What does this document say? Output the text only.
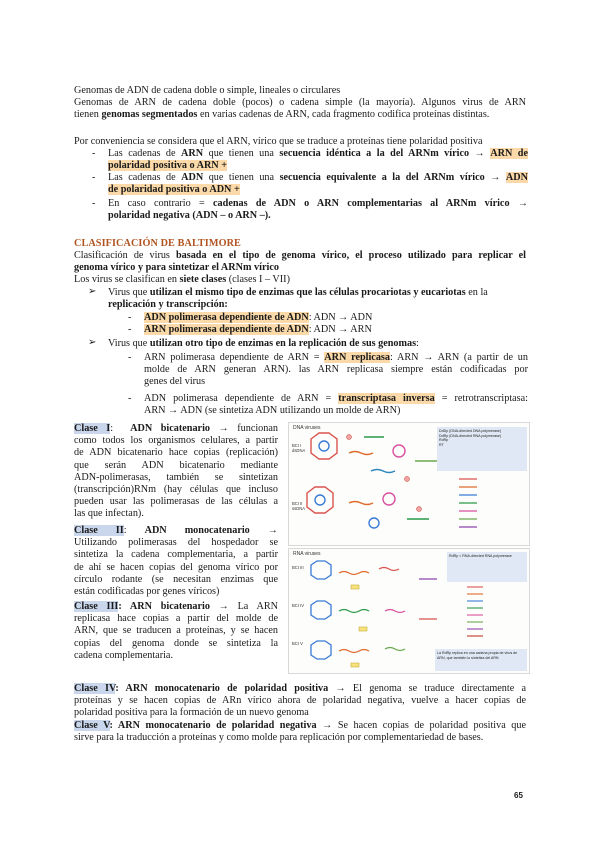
Genomas de ADN de cadena doble o simple, lineales o circulares
Genomas de ARN de cadena doble (pocos) o cadena simple (la mayoría). Algunos virus de ARN
tienen genomas segmentados en varias cadenas de ARN, cada fragmento codifica proteínas distintas.
Por conveniencia se considera que el ARN, vírico que se traduce a proteínas tiene polaridad positiva
- Las cadenas de ARN que tienen una secuencia idéntica a la del ARNm vírico → ARN de
polaridad positiva o ARN +
- Las cadenas de ADN que tienen una secuencia equivalente a la del ARNm vírico → ADN
de polaridad positiva o ADN +
- En caso contrario = cadenas de ADN o ARN complementarias al ARNm vírico →
polaridad negativa (ADN – o ARN –).
CLASIFICACIÓN DE BALTIMORE
Clasificación de virus basada en el tipo de genoma vírico, el proceso utilizado para replicar el
genoma vírico y para sintetizar el ARNm vírico
Los virus se clasifican en siete clases (clases I – VII)
➢ Virus que utilizan el mismo tipo de enzimas que las células procariotas y eucariotas en la
replicación y transcripción:
- ADN polimerasa dependiente de ADN: ADN → ADN
- ARN polimerasa dependiente de ADN: ADN → ARN
➢ Virus que utilizan otro tipo de enzimas en la replicación de sus genomas:
- ARN polimerasa dependiente de ARN = ARN replicasa: ARN → ARN (a partir de un
molde de ARN generan ARN). las ARN replicasa siempre están codificadas por
genes del virus
- ADN polimerasa dependiente de ARN = transcriptasa inversa = retrotranscriptasa:
ARN → ADN (se sintetiza ADN utilizando un molde de ARN)
Clase I:  ADN bicatenario → funcionan
como todos los organismos celulares, a partir
de ADN bicatenario hace copias (replicación)
que serán ADN bicatenario mediante
ADN-polimerasas, también se sintetizan
(transcripción)RNm (hay células que incluso
pueden usar las polimerasas de las células a
las que infectan).
Clase II: ADN monocatenario →
Utilizando polimerasas del hospedador se
sintetiza la cadena complementaria, a partir
de ahí se hacen copias del genoma vírico por
círculo rodante (se necesitan enzimas que
están codificadas por genes víricos)
Clase III: ARN bicatenario → La ARN
replicasa hace copias a partir del molde de
ARN, que se traducen a proteínas, y se hacen
copias del genoma donde se sintetiza la
cadena complementaria.
DNA viruses
BCI I
dsDNA
BCI II
ssDNA
DdDp (DNA-directed DNA polymerase)
DdRp (DNA-directed RNA polymerase)
RdRp
RT
RNA viruses
BCI III
BCI IV
BCI V
RdRp = RNA-directed RNA polymerase
La RdRp replica en una cadena propia de virus de ARN, que también lo sintetiza del ARN
Clase IV: ARN monocatenario de polaridad positiva → El genoma se traduce directamente a
proteínas y se hacen copias de ARn vírico ahora de polaridad negativa, vuelve a hacer copias de
polaridad positiva para la formación de un nuevo genoma
Clase V: ARN monocatenario de polaridad negativa → Se hacen copias de polaridad positiva que
sirve para la traducción a proteínas y como molde para replicación por complementariedad de bases.
65
